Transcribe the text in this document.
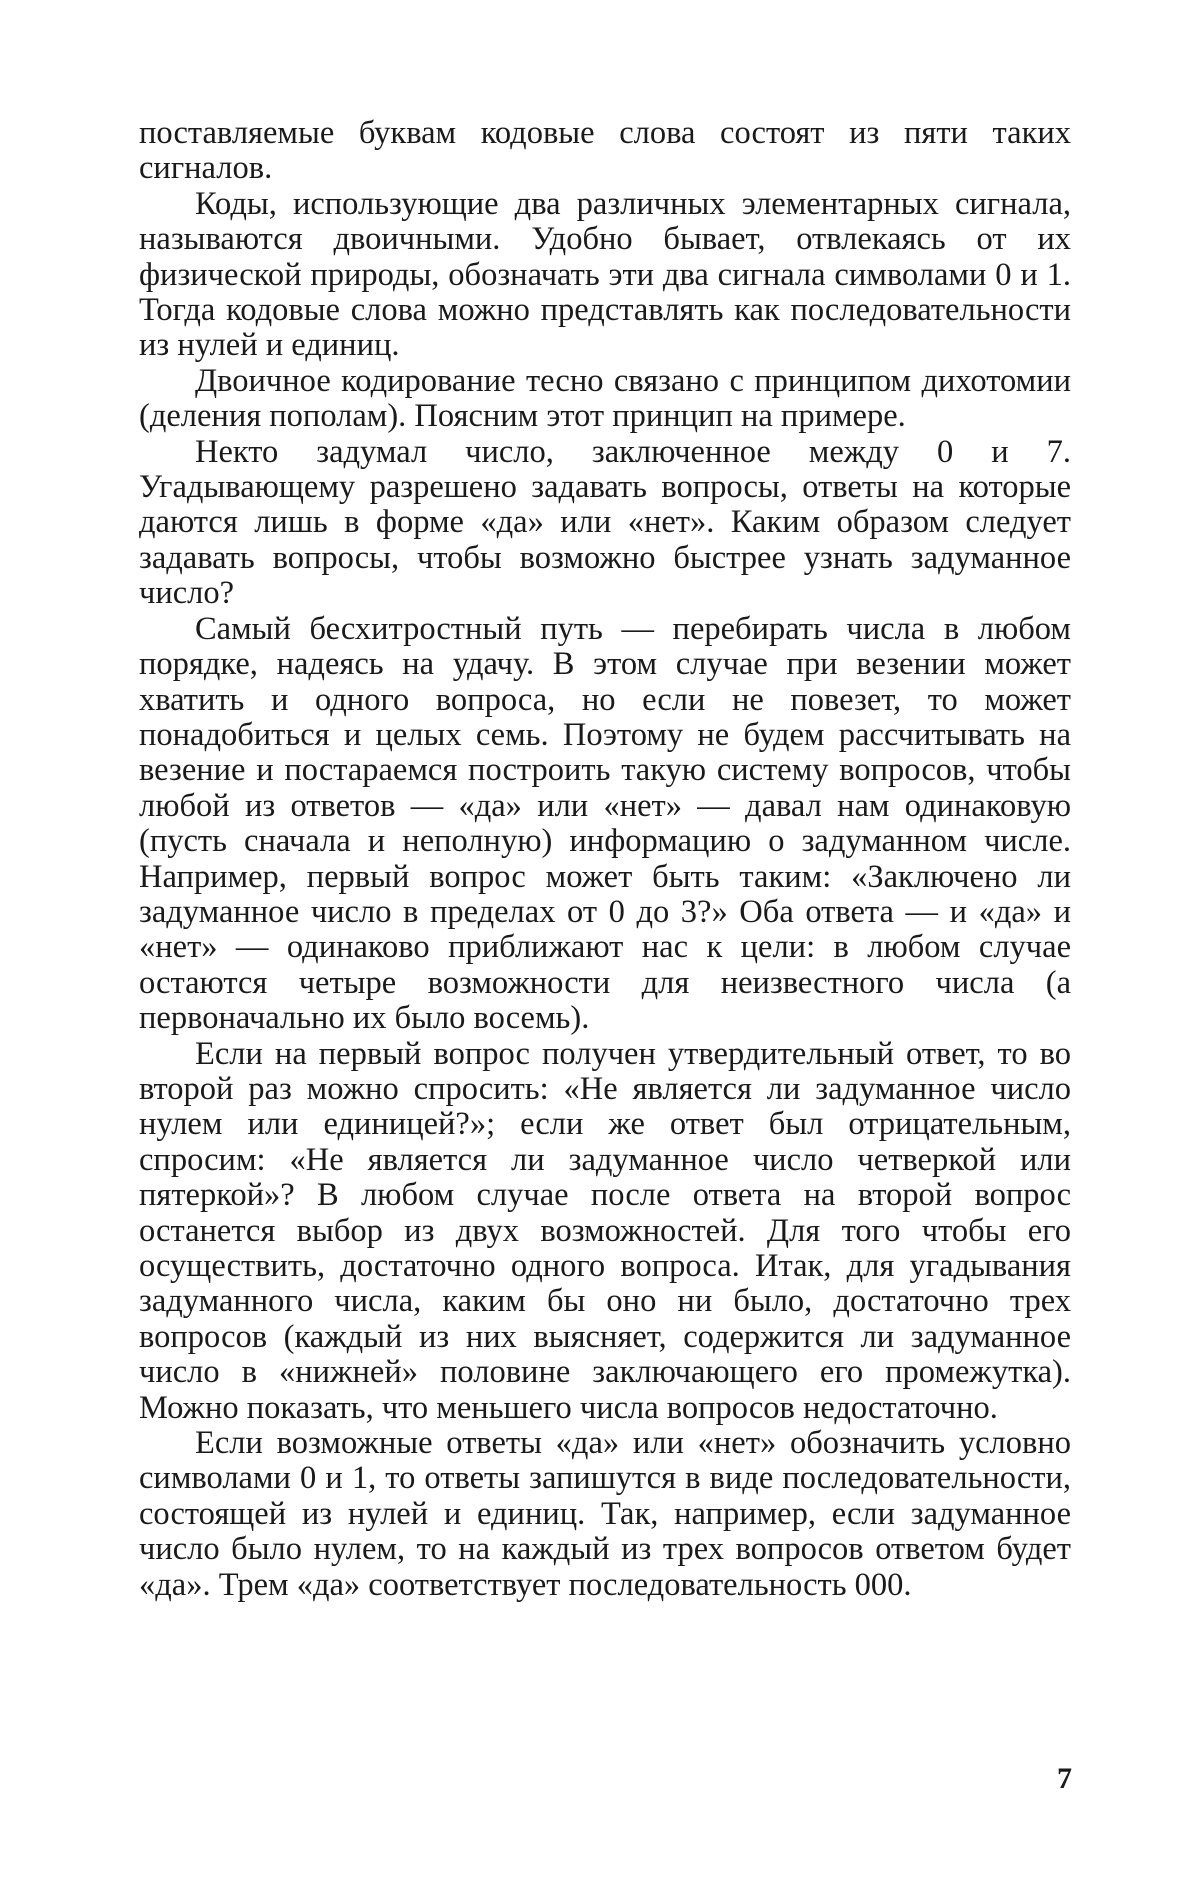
поставляемые буквам кодовые слова состоят из пяти таких сигналов.

Коды, использующие два различных элементарных сигнала, называются двоичными. Удобно бывает, отвлекаясь от их физической природы, обозначать эти два сигнала символами 0 и 1. Тогда кодовые слова можно представлять как последовательности из нулей и единиц.

Двоичное кодирование тесно связано с принципом дихотомии (деления пополам). Поясним этот принцип на примере.

Некто задумал число, заключенное между 0 и 7. Угадывающему разрешено задавать вопросы, ответы на которые даются лишь в форме «да» или «нет». Каким образом следует задавать вопросы, чтобы возможно быстрее узнать задуманное число?

Самый бесхитростный путь — перебирать числа в любом порядке, надеясь на удачу. В этом случае при везении может хватить и одного вопроса, но если не повезет, то может понадобиться и целых семь. Поэтому не будем рассчитывать на везение и постараемся построить такую систему вопросов, чтобы любой из ответов — «да» или «нет» — давал нам одинаковую (пусть сначала и неполную) информацию о задуманном числе. Например, первый вопрос может быть таким: «Заключено ли задуманное число в пределах от 0 до 3?» Оба ответа — и «да» и «нет» — одинаково приближают нас к цели: в любом случае остаются четыре возможности для неизвестного числа (а первоначально их было восемь).

Если на первый вопрос получен утвердительный ответ, то во второй раз можно спросить: «Не является ли задуманное число нулем или единицей?»; если же ответ был отрицательным, спросим: «Не является ли задуманное число четверкой или пятеркой»? В любом случае после ответа на второй вопрос останется выбор из двух возможностей. Для того чтобы его осуществить, достаточно одного вопроса. Итак, для угадывания задуманного числа, каким бы оно ни было, достаточно трех вопросов (каждый из них выясняет, содержится ли задуманное число в «нижней» половине заключающего его промежутка). Можно показать, что меньшего числа вопросов недостаточно.

Если возможные ответы «да» или «нет» обозначить условно символами 0 и 1, то ответы запишутся в виде последовательности, состоящей из нулей и единиц. Так, например, если задуманное число было нулем, то на каждый из трех вопросов ответом будет «да». Трем «да» соответствует последовательность 000.

7
